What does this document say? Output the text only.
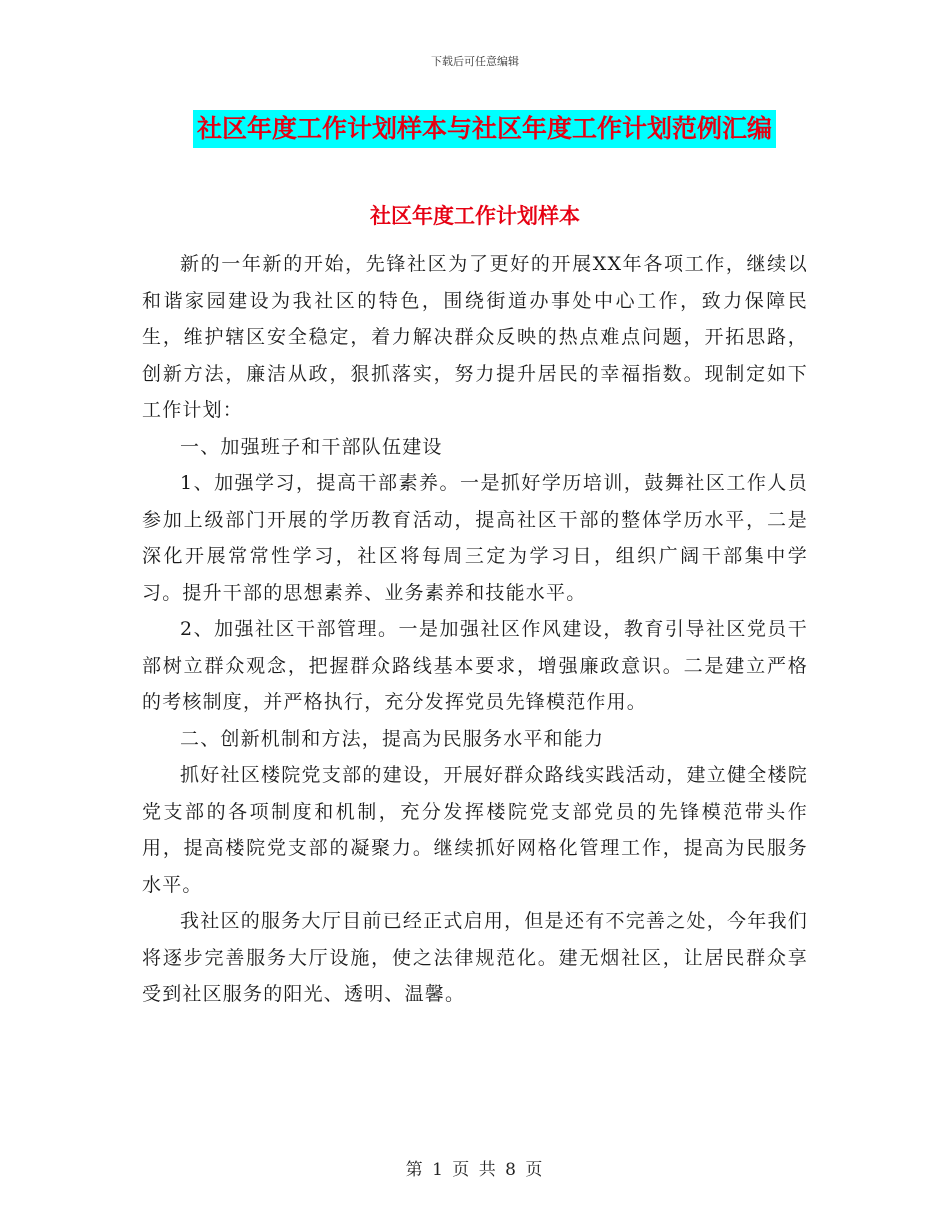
下载后可任意编辑
社区年度工作计划样本与社区年度工作计划范例汇编
社区年度工作计划样本

新的一年新的开始，先锋社区为了更好的开展XX年各项工作，继续以和谐家园建设为我社区的特色，围绕街道办事处中心工作，致力保障民生，维护辖区安全稳定，着力解决群众反映的热点难点问题，开拓思路，创新方法，廉洁从政，狠抓落实，努力提升居民的幸福指数。现制定如下工作计划：

一、加强班子和干部队伍建设

1、加强学习，提高干部素养。一是抓好学历培训，鼓舞社区工作人员参加上级部门开展的学历教育活动，提高社区干部的整体学历水平，二是深化开展常常性学习，社区将每周三定为学习日，组织广阔干部集中学习。提升干部的思想素养、业务素养和技能水平。

2、加强社区干部管理。一是加强社区作风建设，教育引导社区党员干部树立群众观念，把握群众路线基本要求，增强廉政意识。二是建立严格的考核制度，并严格执行，充分发挥党员先锋模范作用。

二、创新机制和方法，提高为民服务水平和能力

抓好社区楼院党支部的建设，开展好群众路线实践活动，建立健全楼院党支部的各项制度和机制，充分发挥楼院党支部党员的先锋模范带头作用，提高楼院党支部的凝聚力。继续抓好网格化管理工作，提高为民服务水平。

我社区的服务大厅目前已经正式启用，但是还有不完善之处，今年我们将逐步完善服务大厅设施，使之法律规范化。建无烟社区，让居民群众享受到社区服务的阳光、透明、温馨。

第 1 页 共 8 页
